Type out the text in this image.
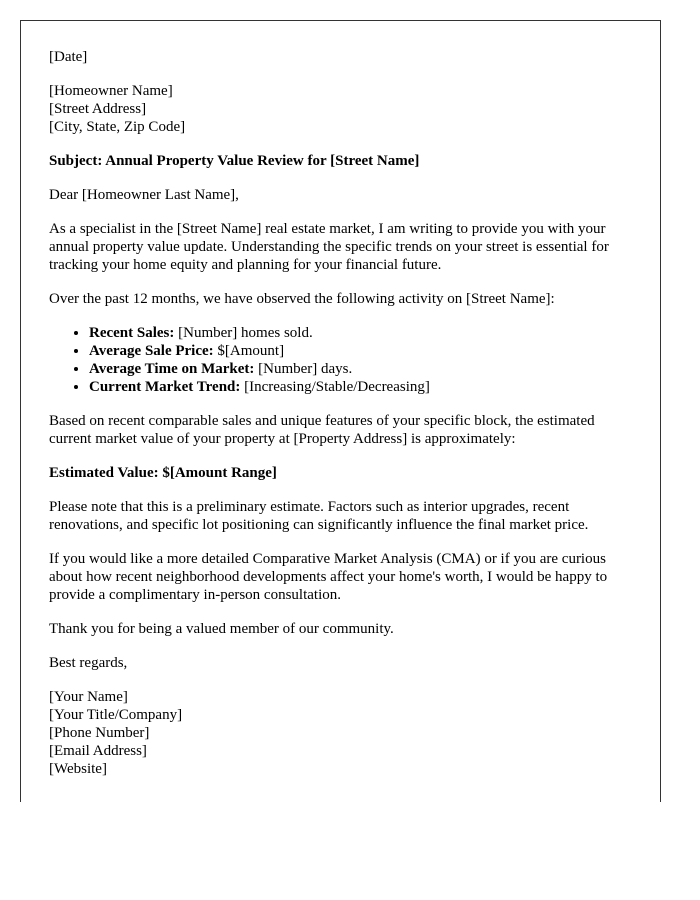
[Date]

[Homeowner Name]
[Street Address]
[City, State, Zip Code]

Subject: Annual Property Value Review for [Street Name]

Dear [Homeowner Last Name],

As a specialist in the [Street Name] real estate market, I am writing to provide you with your annual property value update. Understanding the specific trends on your street is essential for tracking your home equity and planning for your financial future.

Over the past 12 months, we have observed the following activity on [Street Name]:

• Recent Sales: [Number] homes sold.
• Average Sale Price: $[Amount]
• Average Time on Market: [Number] days.
• Current Market Trend: [Increasing/Stable/Decreasing]

Based on recent comparable sales and unique features of your specific block, the estimated current market value of your property at [Property Address] is approximately:

Estimated Value: $[Amount Range]

Please note that this is a preliminary estimate. Factors such as interior upgrades, recent renovations, and specific lot positioning can significantly influence the final market price.

If you would like a more detailed Comparative Market Analysis (CMA) or if you are curious about how recent neighborhood developments affect your home's worth, I would be happy to provide a complimentary in-person consultation.

Thank you for being a valued member of our community.

Best regards,

[Your Name]
[Your Title/Company]
[Phone Number]
[Email Address]
[Website]
